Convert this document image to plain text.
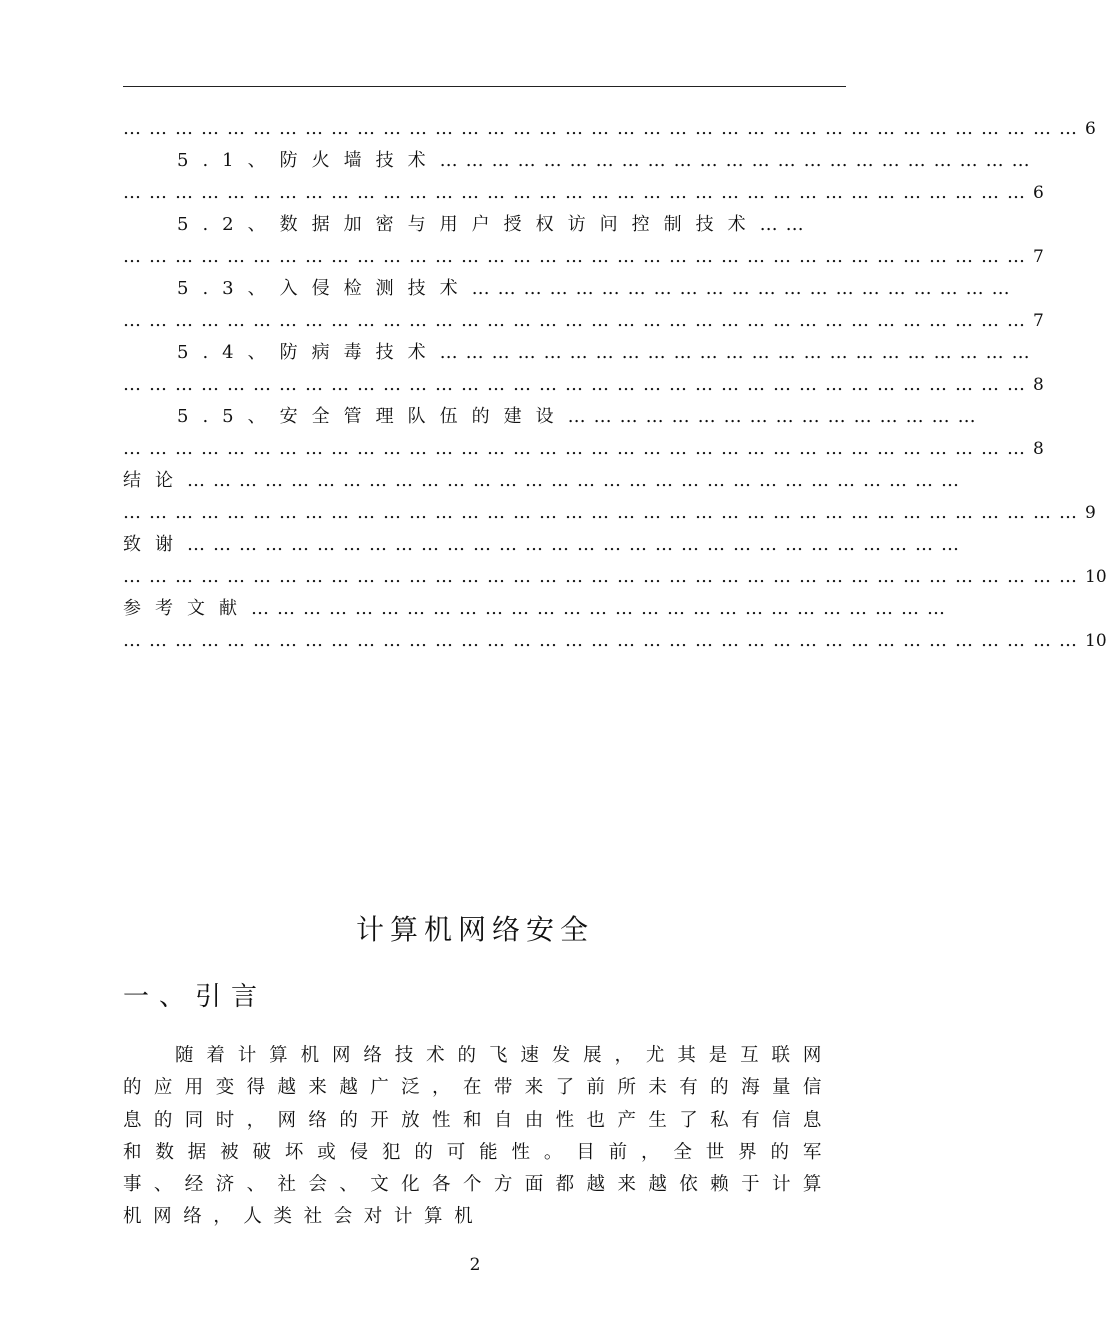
…………………………………………………………………………………………………6
5.1、防火墙技术……………………………………………………………
……………………………………………………………………………………………6
5.2、数据加密与用户授权访问控制技术……
……………………………………………………………………………………………7
5.3、入侵检测技术………………………………………………………
……………………………………………………………………………………………7
5.4、防病毒技术……………………………………………………………
……………………………………………………………………………………………8
5.5、安全管理队伍的建设…………………………………………
……………………………………………………………………………………………8
结论………………………………………………………………………………
…………………………………………………………………………………………………9
致谢………………………………………………………………………………
…………………………………………………………………………………………………10
参考文献………………………………………………………………………
…………………………………………………………………………………………………10
计算机网络安全
一、引言
随着计算机网络技术的飞速发展，尤其是互联网的应用变得越来越广泛，在带来了前所未有的海量信息的同时，网络的开放性和自由性也产生了私有信息和数据被破坏或侵犯的可能性。目前，全世界的军事、经济、社会、文化各个方面都越来越依赖于计算机网络，人类社会对计算机
2
